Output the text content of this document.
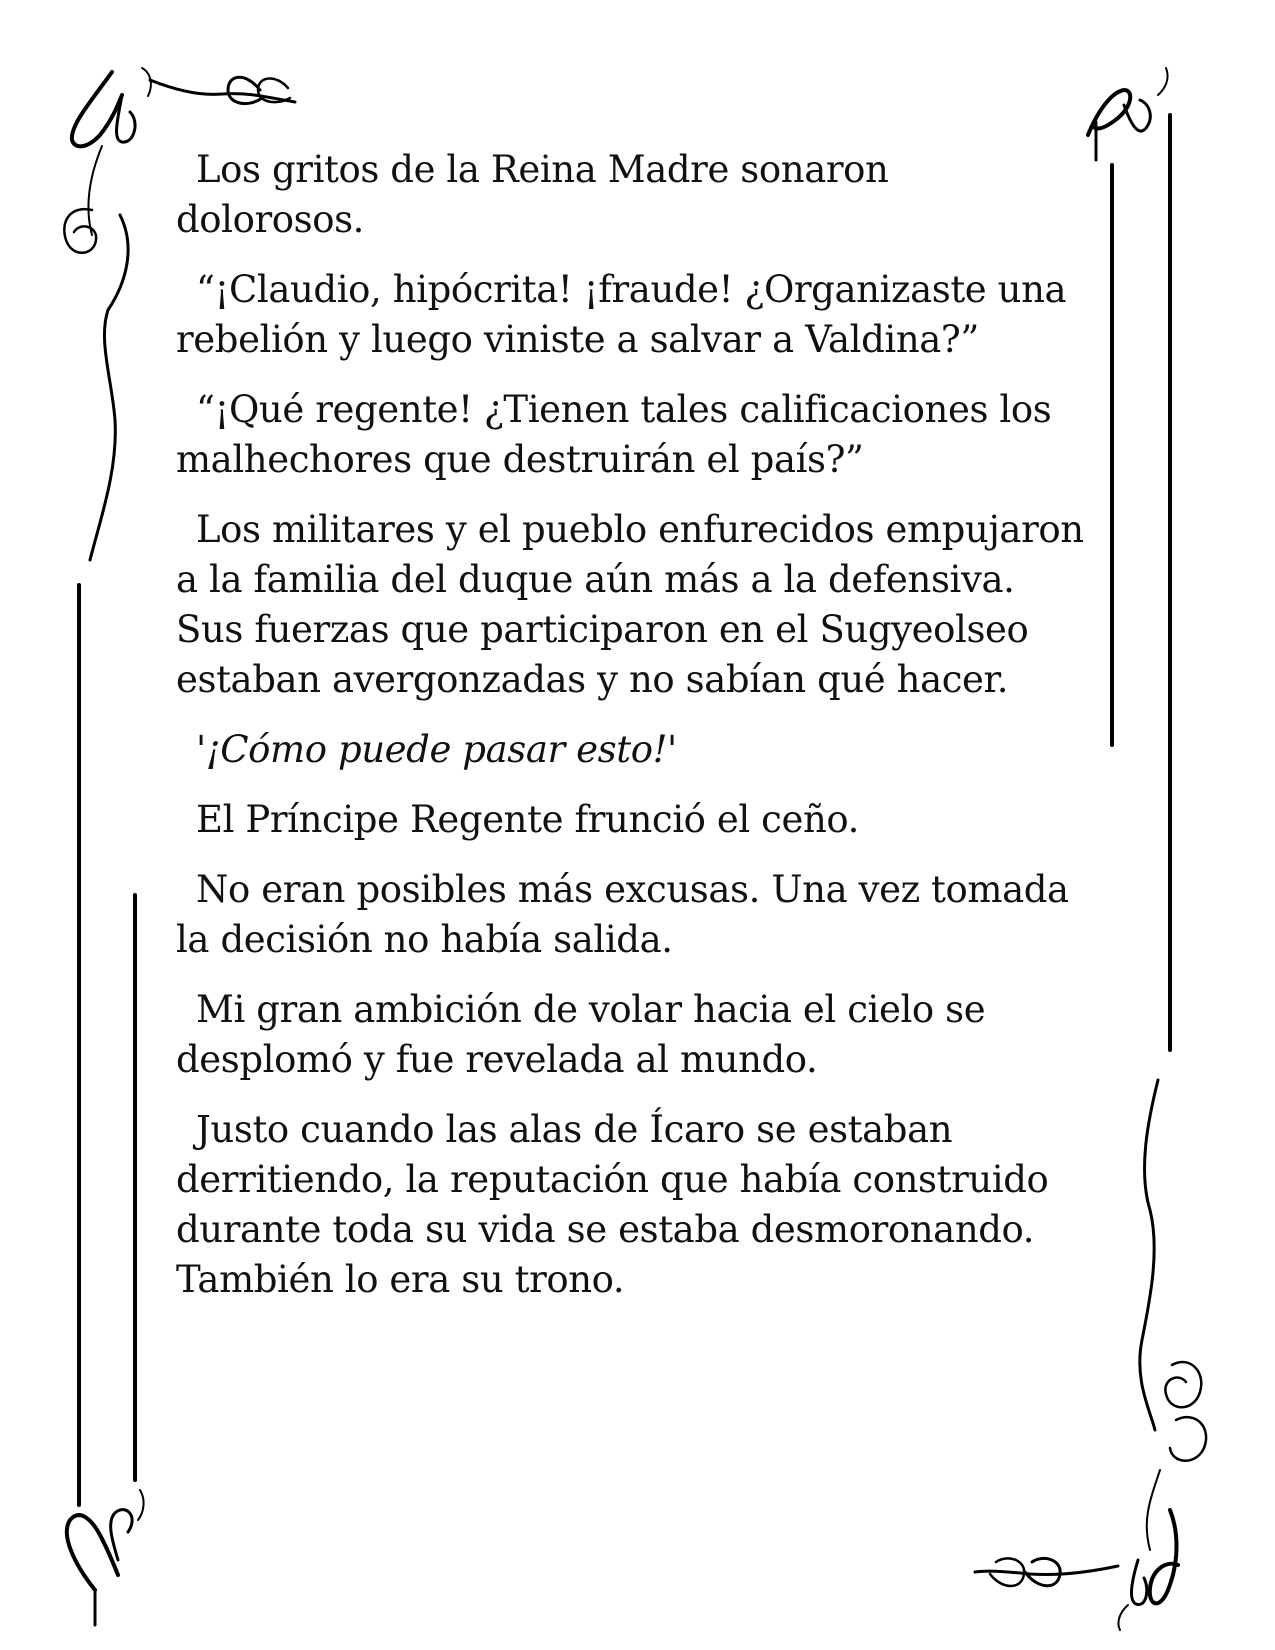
Los gritos de la Reina Madre sonaron dolorosos.

“¡Claudio, hipócrita! ¡fraude! ¿Organizaste una rebelión y luego viniste a salvar a Valdina?”

“¡Qué regente! ¿Tienen tales calificaciones los malhechores que destruirán el país?”

Los militares y el pueblo enfurecidos empujaron a la familia del duque aún más a la defensiva. Sus fuerzas que participaron en el Sugyeolseo estaban avergonzadas y no sabían qué hacer.

'¡Cómo puede pasar esto!'

El Príncipe Regente frunció el ceño.

No eran posibles más excusas. Una vez tomada la decisión no había salida.

Mi gran ambición de volar hacia el cielo se desplomó y fue revelada al mundo.

Justo cuando las alas de Ícaro se estaban derritiendo, la reputación que había construido durante toda su vida se estaba desmoronando. También lo era su trono.
